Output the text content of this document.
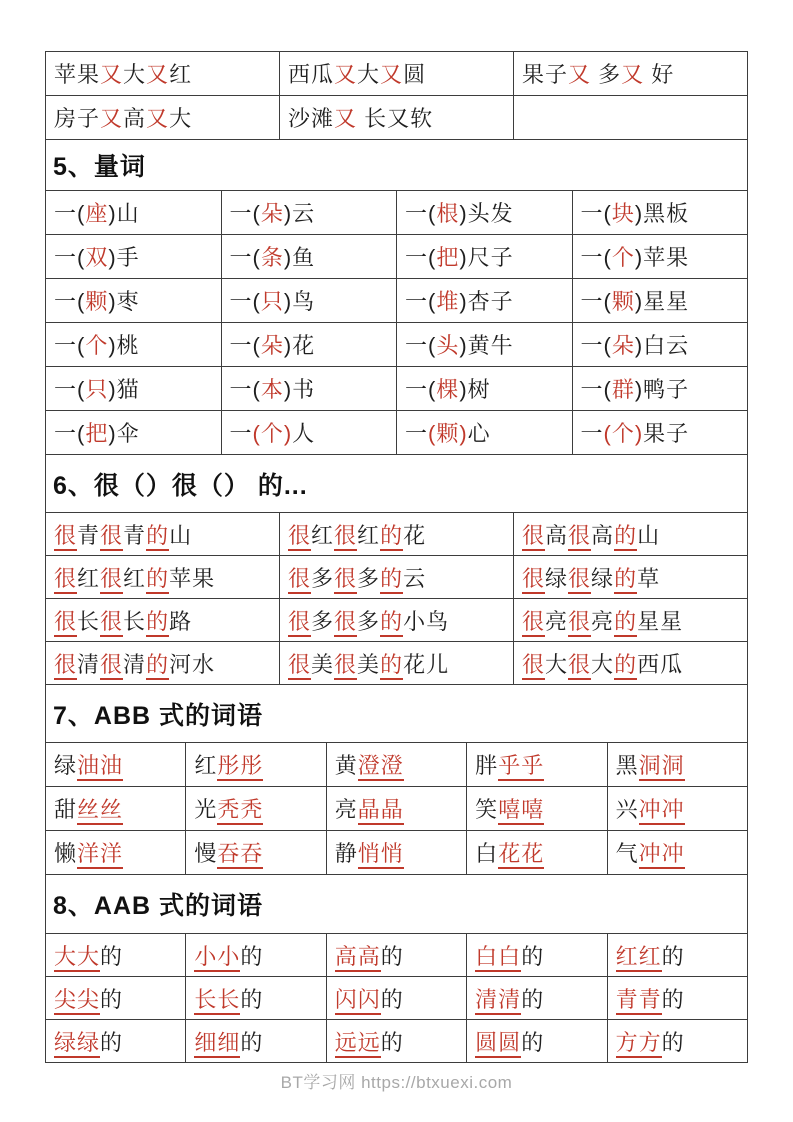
苹果又大又红	西瓜又大又圆	果子又 多又 好
房子又高又大	沙滩又 长又软	
5、量词
一(座)山	一(朵)云	一(根)头发	一(块)黑板
一(双)手	一(条)鱼	一(把)尺子	一(个)苹果
一(颗)枣	一(只)鸟	一(堆)杏子	一(颗)星星
一(个)桃	一(朵)花	一(头)黄牛	一(朵)白云
一(只)猫	一(本)书	一(棵)树	一(群)鸭子
一(把)伞	一(个)人	一(颗)心	一(个)果子
6、很（）很（） 的...
很青很青的山	很红很红的花	很高很高的山
很红很红的苹果	很多很多的云	很绿很绿的草
很长很长的路	很多很多的小鸟	很亮很亮的星星
很清很清的河水	很美很美的花儿	很大很大的西瓜
7、ABB 式的词语
绿油油	红彤彤	黄澄澄	胖乎乎	黑洞洞
甜丝丝	光秃秃	亮晶晶	笑嘻嘻	兴冲冲
懒洋洋	慢吞吞	静悄悄	白花花	气冲冲
8、AAB 式的词语
大大的	小小的	高高的	白白的	红红的
尖尖的	长长的	闪闪的	清清的	青青的
绿绿的	细细的	远远的	圆圆的	方方的
BT学习网 https://btxuexi.com
